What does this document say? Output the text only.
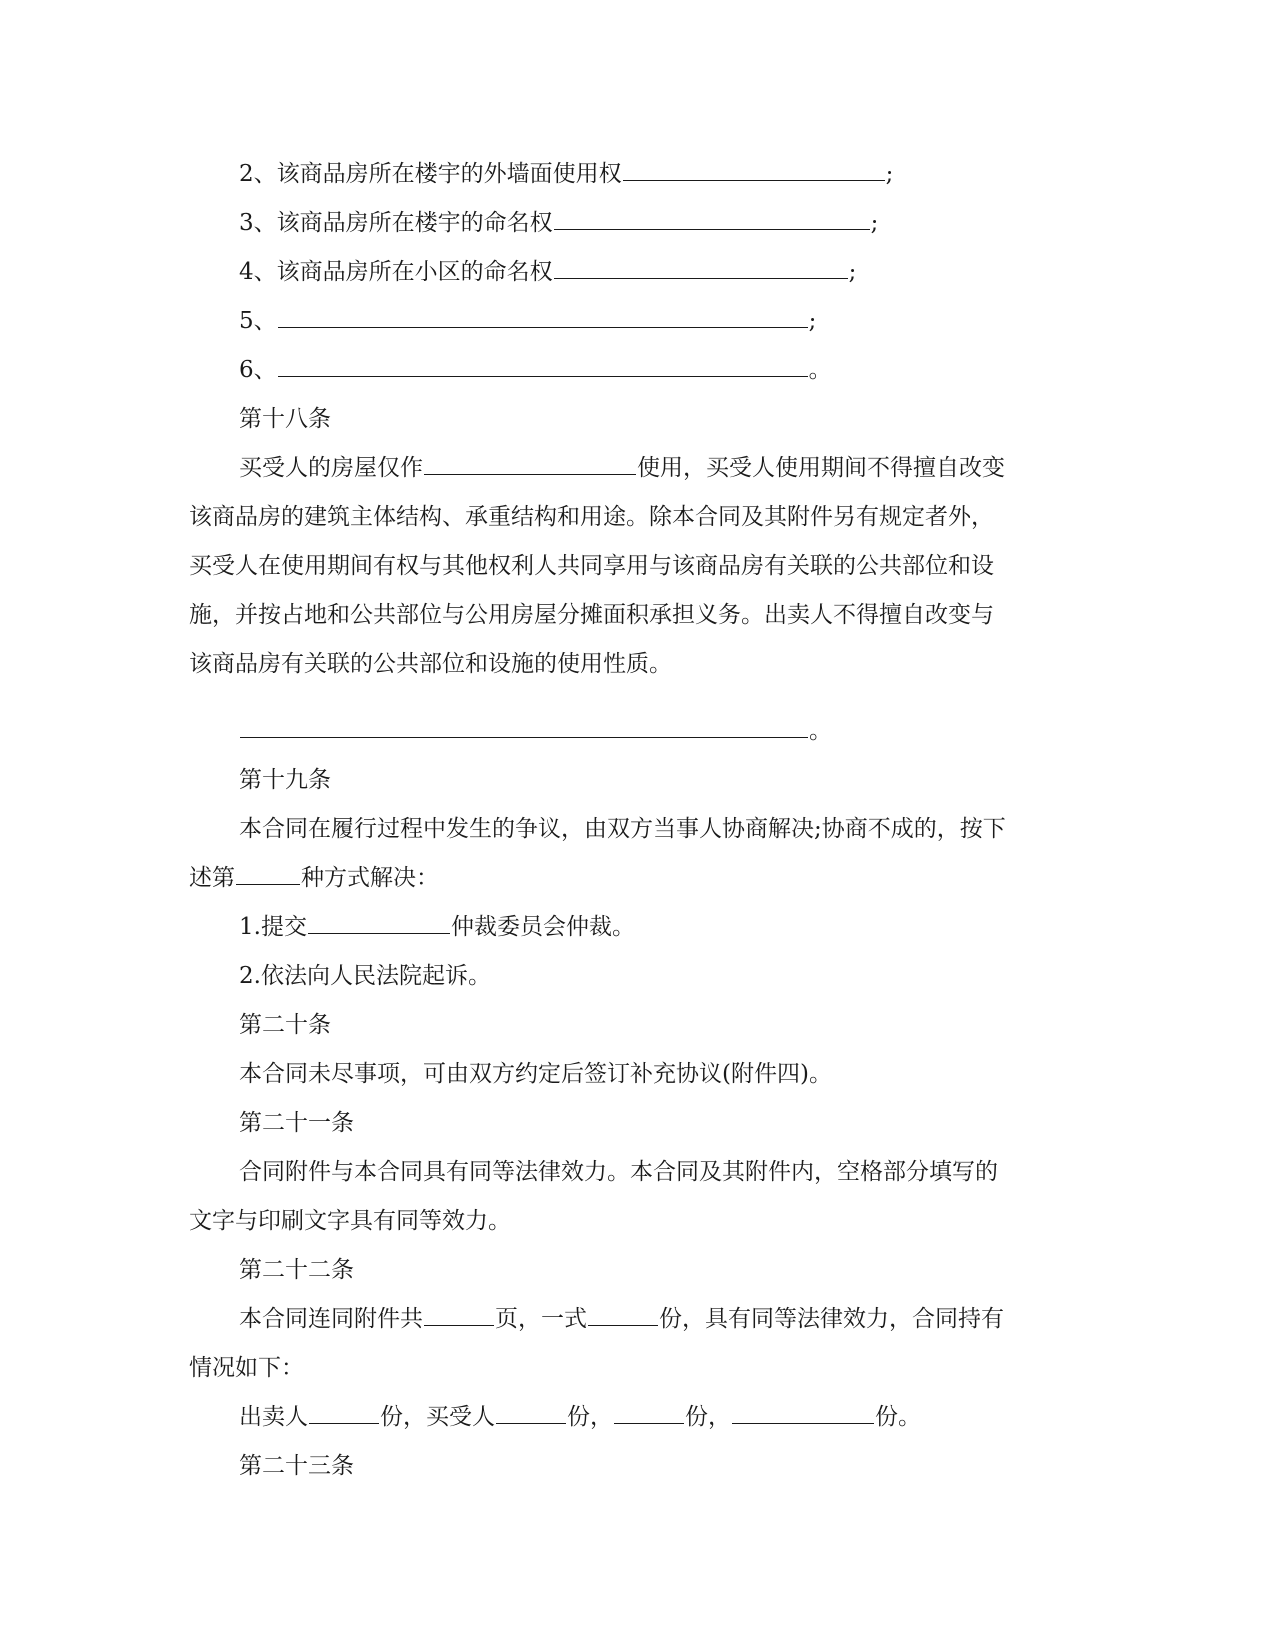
2、该商品房所在楼宇的外墙面使用权	;
3、该商品房所在楼宇的命名权	;
4、该商品房所在小区的命名权	;
5、	;
6、	。
第十八条
买受人的房屋仅作	使用，买受人使用期间不得擅自改变
该商品房的建筑主体结构、承重结构和用途。除本合同及其附件另有规定者外，
买受人在使用期间有权与其他权利人共同享用与该商品房有关联的公共部位和设
施，并按占地和公共部位与公用房屋分摊面积承担义务。出卖人不得擅自改变与
该商品房有关联的公共部位和设施的使用性质。
。
第十九条
本合同在履行过程中发生的争议，由双方当事人协商解决;协商不成的，按下
述第	种方式解决：
1.提交	仲裁委员会仲裁。
2.依法向人民法院起诉。
第二十条
本合同未尽事项，可由双方约定后签订补充协议(附件四)。
第二十一条
合同附件与本合同具有同等法律效力。本合同及其附件内，空格部分填写的
文字与印刷文字具有同等效力。
第二十二条
本合同连同附件共	页，一式	份，具有同等法律效力，合同持有
情况如下：
出卖人	份，买受人	份，	份，	份。
第二十三条
